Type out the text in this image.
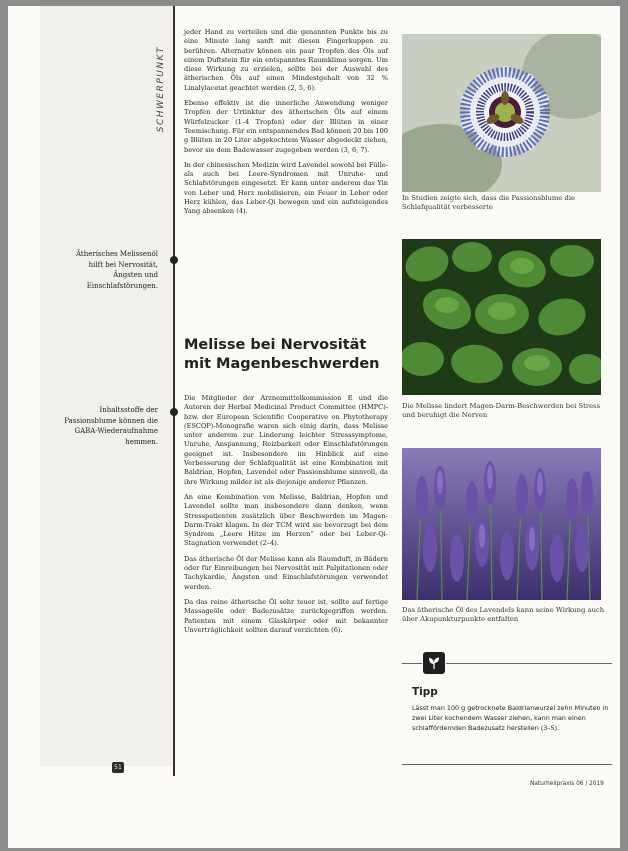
SCHWERPUNKT
Ätherisches Melissenöl hilft bei Nervosität, Ängsten und Einschlafstörungen.
Inhaltsstoffe der Passionsblume können die GABA-Wiederaufnahme hemmen.

jeder Hand zu verteilen und die genannten Punkte bis zu eine Minute lang sanft mit diesen Fingerkuppen zu berühren. Alternativ können ein paar Tropfen des Öls auf einem Duftstein für ein entspanntes Raumklima sorgen. Um diese Wirkung zu erzielen, sollte bei der Auswahl des ätherischen Öls auf einen Mindestgehalt von 32 % Linalylacetat geachtet werden (2, 5, 6).

Ebenso effektiv ist die innerliche Anwendung weniger Tropfen der Urtinktur des ätherischen Öls auf einem Würfelzucker (1–4 Tropfen) oder der Blüten in einer Teemischung. Für ein entspannendes Bad können 20 bis 100 g Blüten in 20 Liter abgekochtem Wasser abgedeckt ziehen, bevor sie dem Badewasser zugegeben werden (3, 6, 7).

In der chinesischen Medizin wird Lavendel sowohl bei Fülle- als auch bei Leere-Syndromen mit Unruhe- und Schlafstörungen eingesetzt. Er kann unter anderem das Yin von Leber und Herz mobilisieren, ein Feuer in Leber oder Herz kühlen, das Leber-Qi bewegen und ein aufsteigendes Yang absenken (4).

Melisse bei Nervosität mit Magenbeschwerden

Die Mitglieder der Arzneimittelkommission E und die Autoren der Herbal Medicinal Product Committee (HMPC)- bzw. der European Scientific Cooperative on Phytotherapy (ESCOP)-Monografie waren sich einig darin, dass Melisse unter anderem zur Linderung leichter Stresssymptome, Unruhe, Anspannung, Reizbarkeit oder Einschlafstörungen geeignet ist. Insbesondere im Hinblick auf eine Verbesserung der Schlafqualität ist eine Kombination mit Baldrian, Hopfen, Lavendel oder Passionsblume sinnvoll, da ihre Wirkung milder ist als diejenige anderer Pflanzen.

An eine Kombination von Melisse, Baldrian, Hopfen und Lavendel sollte man insbesondere dann denken, wenn Stresspatienten zusätzlich über Beschwerden im Magen-Darm-Trakt klagen. In der TCM wird sie bevorzugt bei dem Syndrom „Leere Hitze im Herzen“ oder bei Leber-Qi-Stagnation verwendet (2–4).

Das ätherische Öl der Melisse kann als Raumduft, in Bädern oder für Einreibungen bei Nervosität mit Palpitationen oder Tachykardie, Ängsten und Einschlafstörungen verwendet werden.

Da das reine ätherische Öl sehr teuer ist, sollte auf fertige Massageöle oder Badezusätze zurückgegriffen werden. Patienten mit einem Glaskörper oder mit bekannter Unverträglichkeit sollten darauf verzichten (6).

In Studien zeigte sich, dass die Passionsblume die Schlafqualität verbesserte
Die Melisse lindert Magen-Darm-Beschwerden bei Stress und beruhigt die Nerven
Das ätherische Öl des Lavendels kann seine Wirkung auch über Akupunkturpunkte entfalten
Tipp
Lässt man 100 g getrocknete Baldrianwurzel zehn Minuten in zwei Liter kochendem Wasser ziehen, kann man einen schlaffördernden Badezusatz herstellen (3–5).
51
Naturheilpraxis 06 / 2019
